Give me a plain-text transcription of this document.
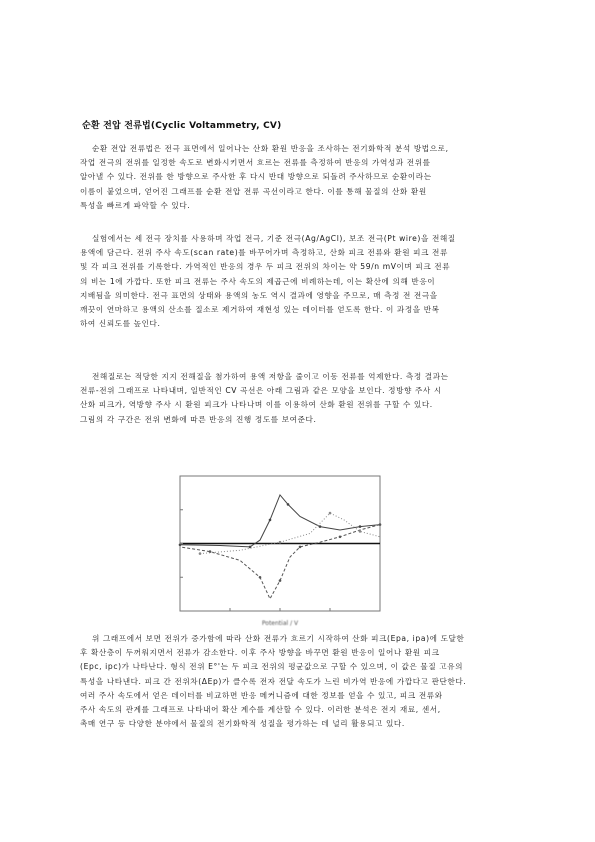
순환 전압 전류법(Cyclic Voltammetry, CV)
순환 전압 전류법은 전극 표면에서 일어나는 산화 환원 반응을 조사하는 전기화학적 분석 방법으로,
작업 전극의 전위를 일정한 속도로 변화시키면서 흐르는 전류를 측정하여 반응의 가역성과 전위를
알아낼 수 있다. 전위를 한 방향으로 주사한 후 다시 반대 방향으로 되돌려 주사하므로 순환이라는
이름이 붙었으며, 얻어진 그래프를 순환 전압 전류 곡선이라고 한다. 이를 통해 물질의 산화 환원
특성을 빠르게 파악할 수 있다.
실험에서는 세 전극 장치를 사용하며 작업 전극, 기준 전극(Ag/AgCl), 보조 전극(Pt wire)을 전해질
용액에 담근다. 전위 주사 속도(scan rate)를 바꾸어가며 측정하고, 산화 피크 전류와 환원 피크 전류
및 각 피크 전위를 기록한다. 가역적인 반응의 경우 두 피크 전위의 차이는 약 59/n mV이며 피크 전류
의 비는 1에 가깝다. 또한 피크 전류는 주사 속도의 제곱근에 비례하는데, 이는 확산에 의해 반응이
지배됨을 의미한다. 전극 표면의 상태와 용액의 농도 역시 결과에 영향을 주므로, 매 측정 전 전극을
깨끗이 연마하고 용액의 산소를 질소로 제거하여 재현성 있는 데이터를 얻도록 한다. 이 과정을 반복
하여 신뢰도를 높인다.
전해질로는 적당한 지지 전해질을 첨가하여 용액 저항을 줄이고 이동 전류를 억제한다. 측정 결과는
전류-전위 그래프로 나타내며, 일반적인 CV 곡선은 아래 그림과 같은 모양을 보인다. 정방향 주사 시
산화 피크가, 역방향 주사 시 환원 피크가 나타나며 이를 이용하여 산화 환원 전위를 구할 수 있다.
그림의 각 구간은 전위 변화에 따른 반응의 진행 정도를 보여준다.
Potential / V
위 그래프에서 보면 전위가 증가함에 따라 산화 전류가 흐르기 시작하여 산화 피크(Epa, ipa)에 도달한
후 확산층이 두꺼워지면서 전류가 감소한다. 이후 주사 방향을 바꾸면 환원 반응이 일어나 환원 피크
(Epc, ipc)가 나타난다. 형식 전위 E°'는 두 피크 전위의 평균값으로 구할 수 있으며, 이 값은 물질 고유의
특성을 나타낸다. 피크 간 전위차(ΔEp)가 클수록 전자 전달 속도가 느린 비가역 반응에 가깝다고 판단한다.
여러 주사 속도에서 얻은 데이터를 비교하면 반응 메커니즘에 대한 정보를 얻을 수 있고, 피크 전류와
주사 속도의 관계를 그래프로 나타내어 확산 계수를 계산할 수 있다. 이러한 분석은 전지 재료, 센서,
촉매 연구 등 다양한 분야에서 물질의 전기화학적 성질을 평가하는 데 널리 활용되고 있다.
